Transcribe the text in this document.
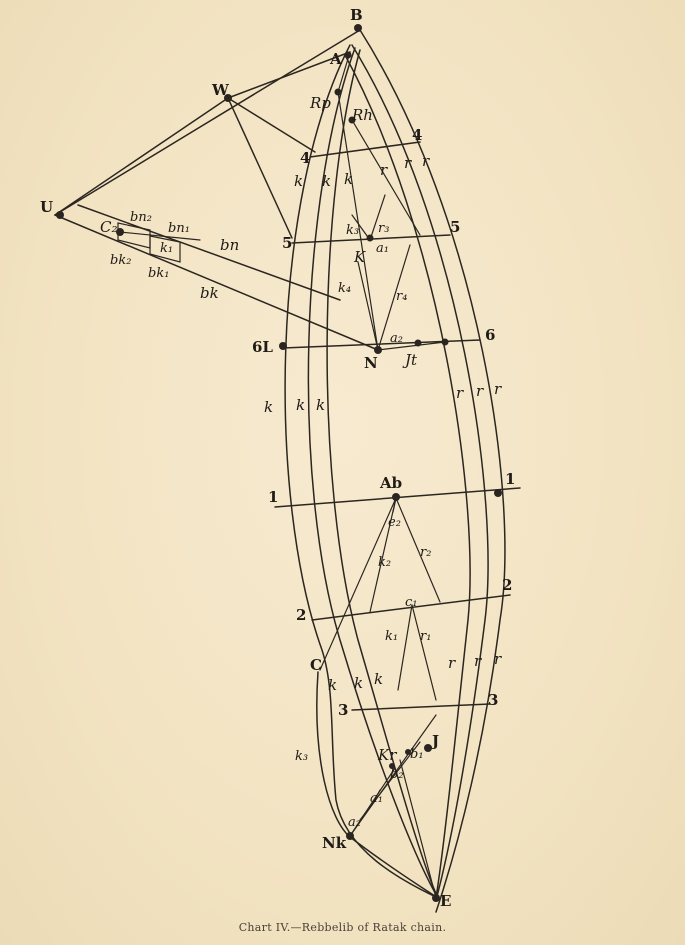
B
A
W
Rp
Rh
U
bn₂
bn₁
C₂
k₁
bk₂
bk₁
bn
bk
4
4
5
5
k k k r r r
k₃ r₃
a₁
K
k₄
r₄
6L	a₂
N Jt
6
k k k
r r r
1
Ab	1
e₂
k₂
r₂
2
c₁
2
k₁ r₁
C	r r r
k k k
3
3
J
Kr b₁
b₂
k₃
a₁
a₂
Nk
E
Chart IV.—Rebbelib of Ratak chain.
